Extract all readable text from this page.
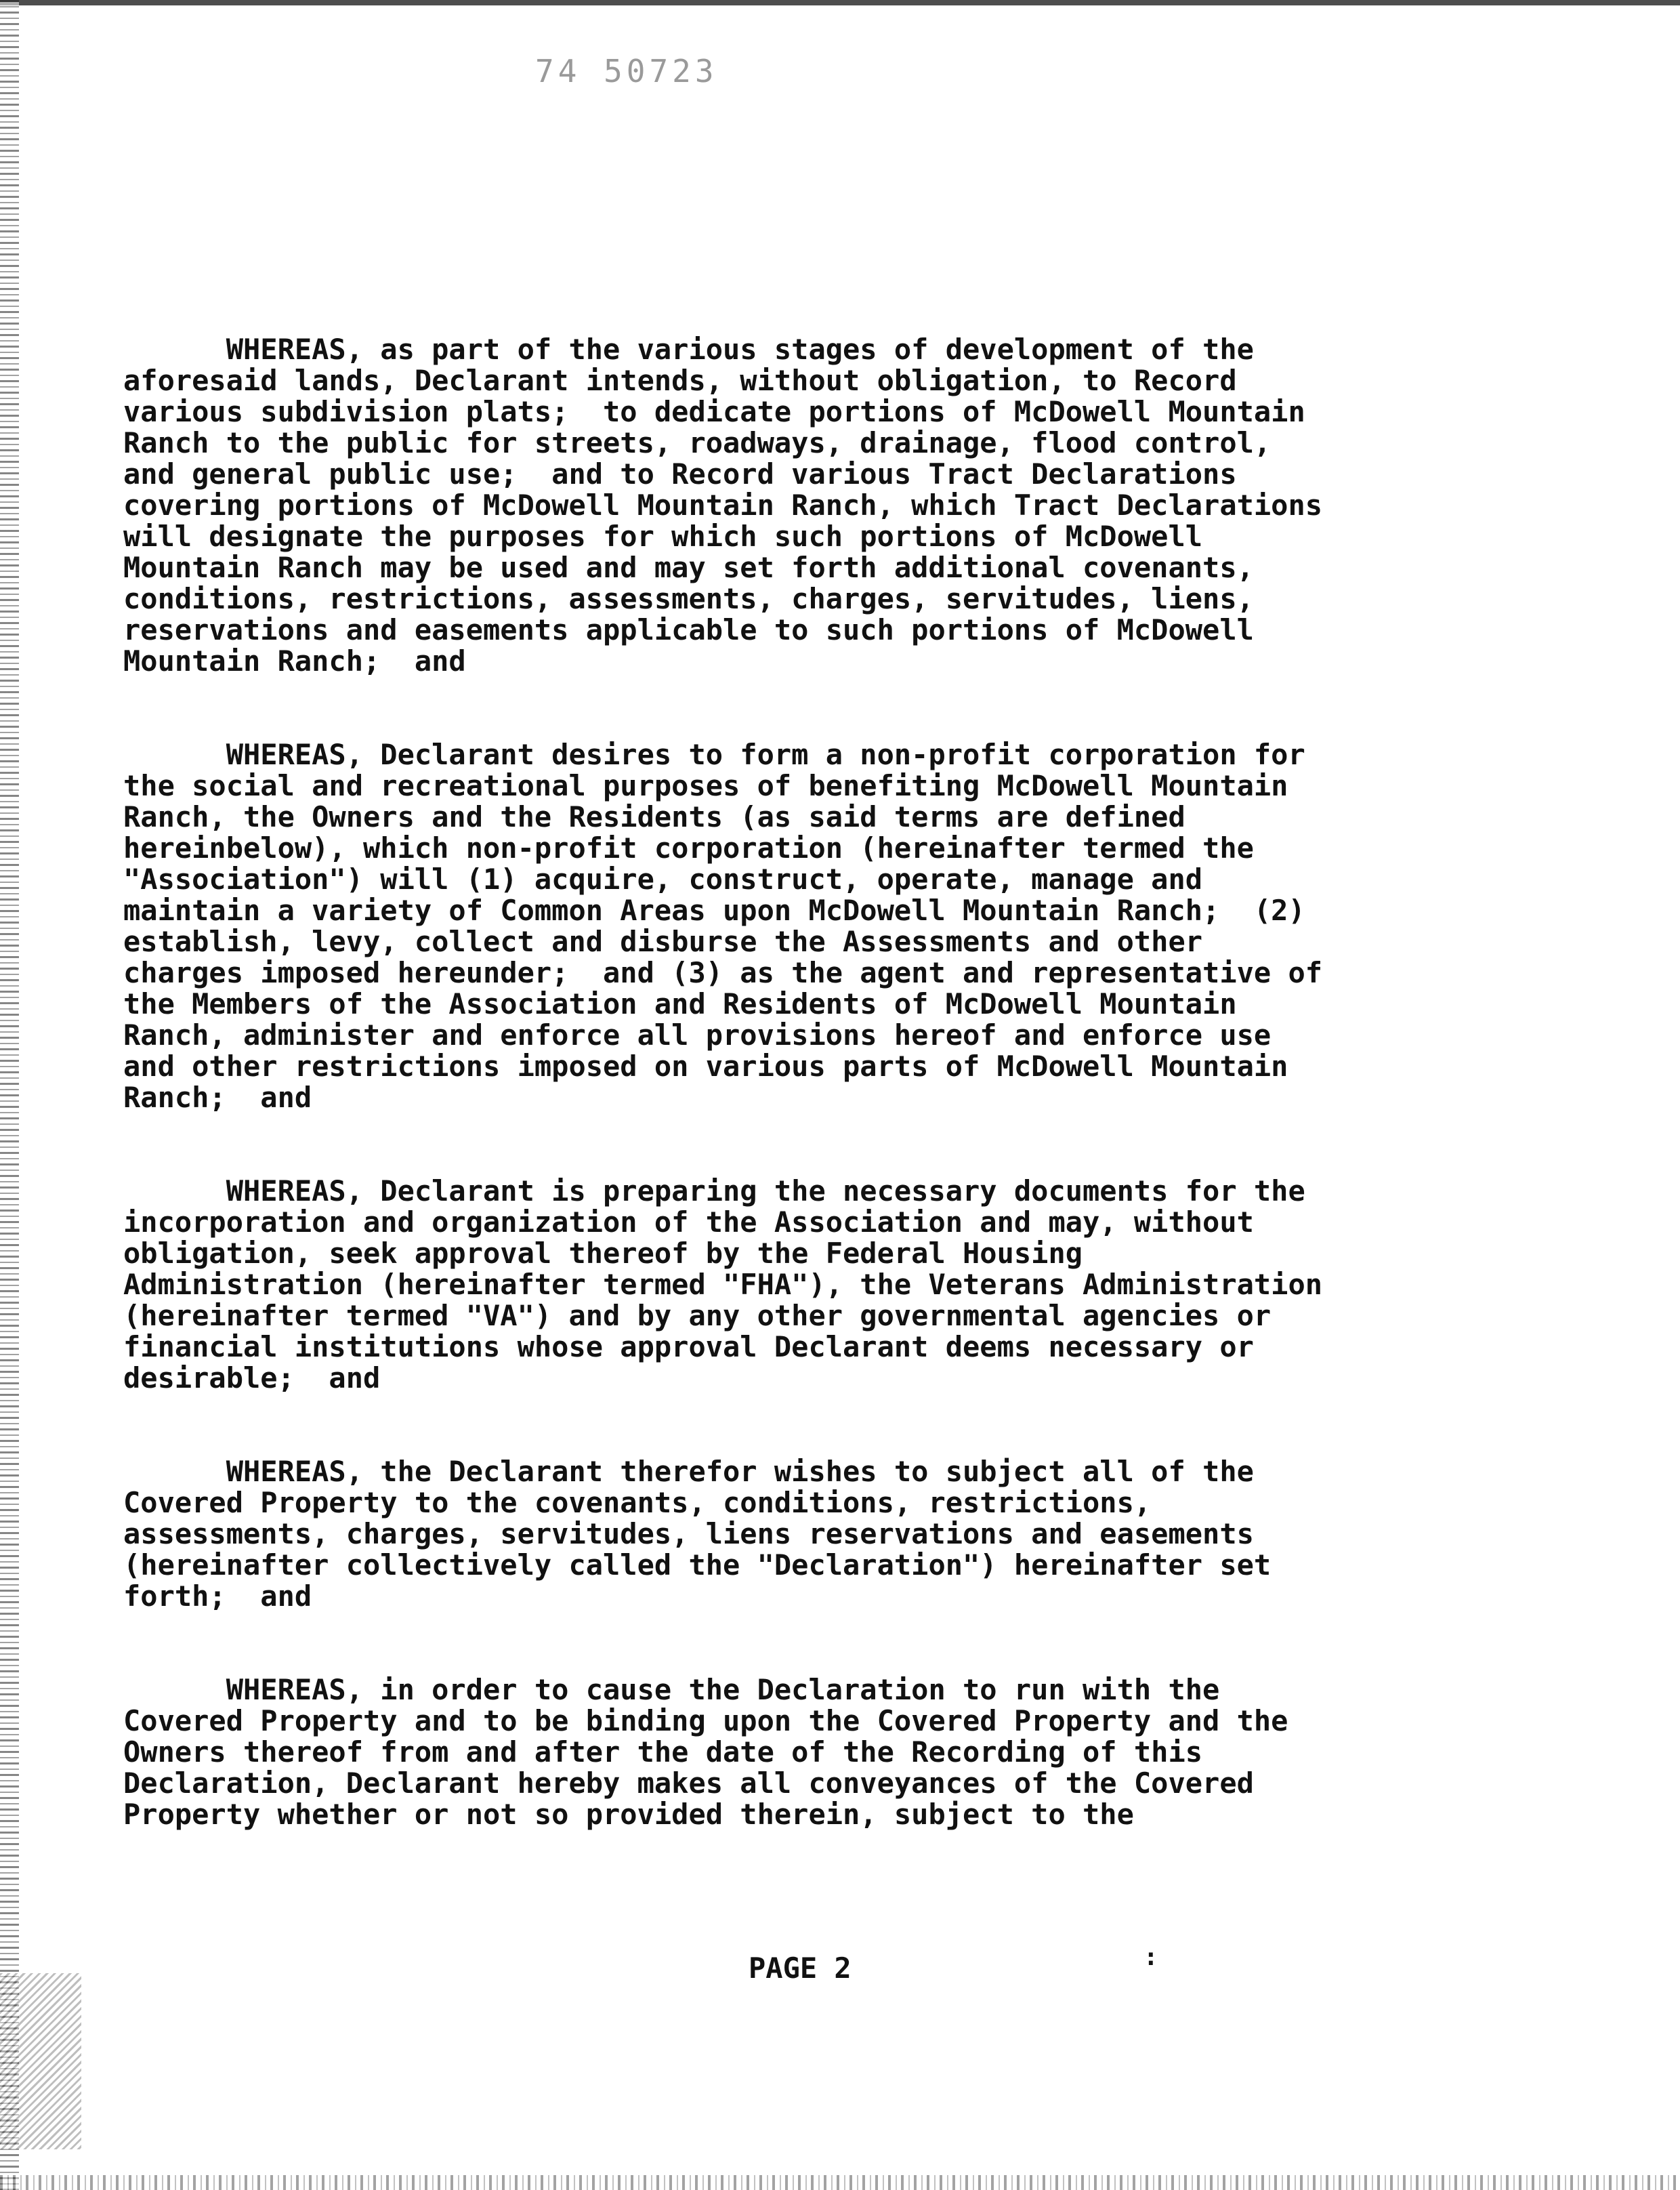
74 50723

WHEREAS, as part of the various stages of development of the
aforesaid lands, Declarant intends, without obligation, to Record
various subdivision plats;  to dedicate portions of McDowell Mountain
Ranch to the public for streets, roadways, drainage, flood control,
and general public use;  and to Record various Tract Declarations
covering portions of McDowell Mountain Ranch, which Tract Declarations
will designate the purposes for which such portions of McDowell
Mountain Ranch may be used and may set forth additional covenants,
conditions, restrictions, assessments, charges, servitudes, liens,
reservations and easements applicable to such portions of McDowell
Mountain Ranch;  and

WHEREAS, Declarant desires to form a non-profit corporation for
the social and recreational purposes of benefiting McDowell Mountain
Ranch, the Owners and the Residents (as said terms are defined
hereinbelow), which non-profit corporation (hereinafter termed the
"Association") will (1) acquire, construct, operate, manage and
maintain a variety of Common Areas upon McDowell Mountain Ranch;  (2)
establish, levy, collect and disburse the Assessments and other
charges imposed hereunder;  and (3) as the agent and representative of
the Members of the Association and Residents of McDowell Mountain
Ranch, administer and enforce all provisions hereof and enforce use
and other restrictions imposed on various parts of McDowell Mountain
Ranch;  and

WHEREAS, Declarant is preparing the necessary documents for the
incorporation and organization of the Association and may, without
obligation, seek approval thereof by the Federal Housing
Administration (hereinafter termed "FHA"), the Veterans Administration
(hereinafter termed "VA") and by any other governmental agencies or
financial institutions whose approval Declarant deems necessary or
desirable;  and

WHEREAS, the Declarant therefor wishes to subject all of the
Covered Property to the covenants, conditions, restrictions,
assessments, charges, servitudes, liens reservations and easements
(hereinafter collectively called the "Declaration") hereinafter set
forth;  and

WHEREAS, in order to cause the Declaration to run with the
Covered Property and to be binding upon the Covered Property and the
Owners thereof from and after the date of the Recording of this
Declaration, Declarant hereby makes all conveyances of the Covered
Property whether or not so provided therein, subject to the

:
PAGE 2
